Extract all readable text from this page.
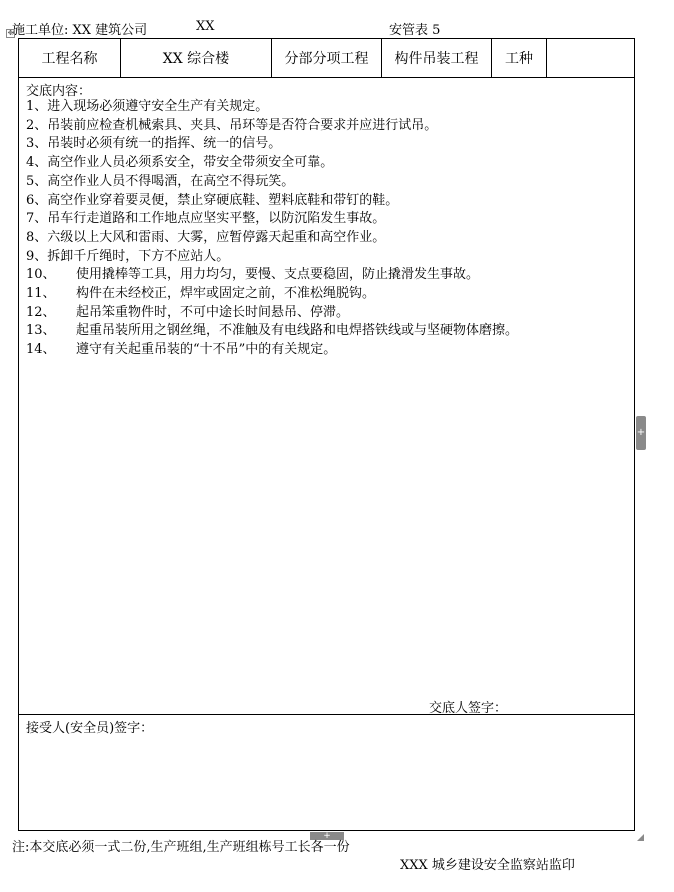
施工单位: XX 建筑公司	XX	安管表 5
✥
工程名称	XX 综合楼	分部分项工程	构件吊装工程	工种
交底内容：
1、进入现场必须遵守安全生产有关规定。
2、吊装前应检查机械索具、夹具、吊环等是否符合要求并应进行试吊。
3、吊装时必须有统一的指挥、统一的信号。
4、高空作业人员必须系安全，带安全带须安全可靠。
5、高空作业人员不得喝酒，在高空不得玩笑。
6、高空作业穿着要灵便，禁止穿硬底鞋、塑料底鞋和带钉的鞋。
7、吊车行走道路和工作地点应坚实平整，以防沉陷发生事故。
8、六级以上大风和雷雨、大雾，应暂停露天起重和高空作业。
9、拆卸千斤绳时，下方不应站人。
10、 使用撬棒等工具，用力均匀，要慢、支点要稳固，防止撬滑发生事故。
11、 构件在未经校正，焊牢或固定之前，不准松绳脱钩。
12、 起吊笨重物件时，不可中途长时间悬吊、停滞。
13、 起重吊装所用之钢丝绳，不准触及有电线路和电焊搭铁线或与坚硬物体磨擦。
14、 遵守有关起重吊装的“十不吊”中的有关规定。
交底人签字：
接受人(安全员)签字：
+
+
注:本交底必须一式二份,生产班组,生产班组栋号工长各一份
XXX 城乡建设安全监察站监印
